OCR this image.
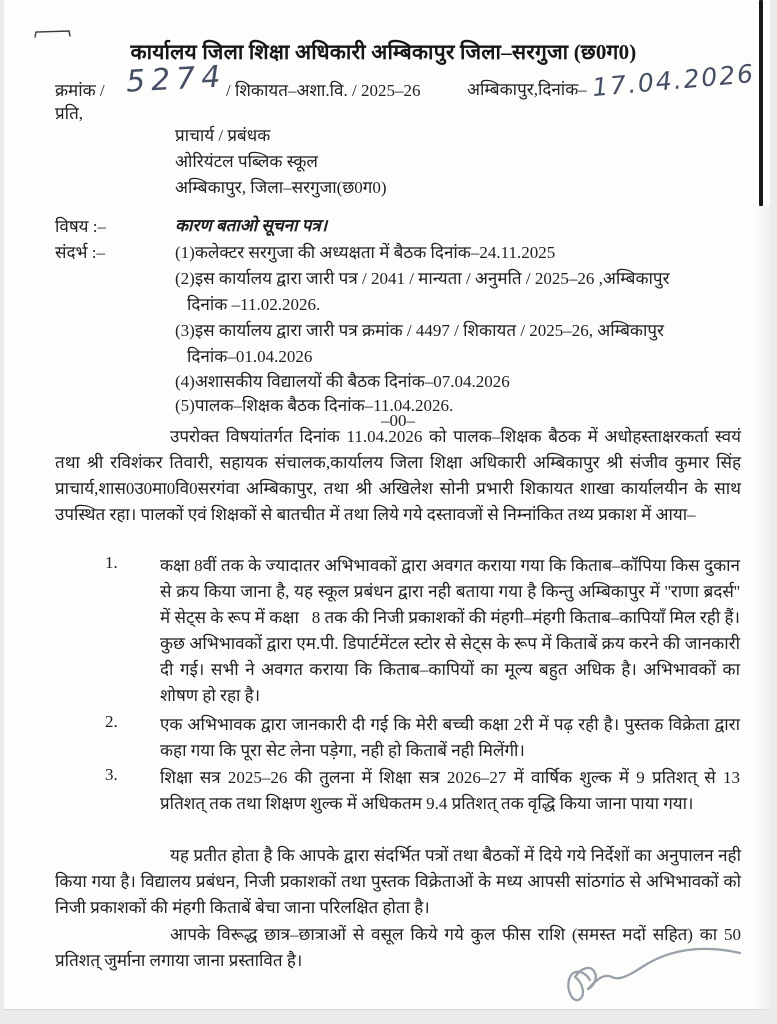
कार्यालय जिला शिक्षा अधिकारी अम्बिकापुर जिला–सरगुजा (छ0ग0)
क्रमांक / 5274
/ शिकायत–अशा.वि. / 2025–26	अम्बिकापुर,दिनांक– 17.04.2026
प्रति,
प्राचार्य / प्रबंधक
ओरियंटल पब्लिक स्कूल
अम्बिकापुर, जिला–सरगुजा(छ0ग0)
विषय :–	कारण बताओ सूचना पत्र।
संदर्भ :–	(1)कलेक्टर सरगुजा की अध्यक्षता में बैठक दिनांक–24.11.2025
(2)इस कार्यालय द्वारा जारी पत्र / 2041 / मान्यता / अनुमति / 2025–26 ,अम्बिकापुर
दिनांक –11.02.2026.
(3)इस कार्यालय द्वारा जारी पत्र क्रमांक / 4497 / शिकायत / 2025–26, अम्बिकापुर
दिनांक–01.04.2026
(4)अशासकीय विद्यालयों की बैठक दिनांक–07.04.2026
(5)पालक–शिक्षक बैठक दिनांक–11.04.2026.
–00–
उपरोक्त विषयांतर्गत दिनांक 11.04.2026 को पालक–शिक्षक बैठक में अधोहस्ताक्षरकर्ता स्वयं तथा श्री रविशंकर तिवारी, सहायक संचालक,कार्यालय जिला शिक्षा अधिकारी अम्बिकापुर श्री संजीव कुमार सिंह प्राचार्य,शास0उ0मा0वि0सरगंवा अम्बिकापुर, तथा श्री अखिलेश सोनी प्रभारी शिकायत शाखा कार्यालयीन के साथ उपस्थित रहा। पालकों एवं शिक्षकों से बातचीत में तथा लिये गये दस्तावजों से निम्नांकित तथ्य प्रकाश में आया–
1. कक्षा 8वीं तक के ज्यादातर अभिभावकों द्वारा अवगत कराया गया कि किताब–कॉपिया किस दुकान से क्रय किया जाना है, यह स्कूल प्रबंधन द्वारा नही बताया गया है किन्तु अम्बिकापुर में ''राणा ब्रदर्स'' में सेट्स के रूप में कक्षा   8 तक की निजी प्रकाशकों की मंहगी–मंहगी किताब–कापियाँ मिल रही हैं। कुछ अभिभावकों द्वारा एम.पी. डिपार्टमेंटल स्टोर से सेट्स के रूप में किताबें क्रय करने की जानकारी दी गई। सभी ने अवगत कराया कि किताब–कापियों का मूल्य बहुत अधिक है। अभिभावकों का शोषण हो रहा है।
2. एक अभिभावक द्वारा जानकारी दी गई कि मेरी बच्ची कक्षा 2री में पढ़ रही है। पुस्तक विक्रेता द्वारा कहा गया कि पूरा सेट लेना पड़ेगा, नही हो किताबें नही मिलेंगी।
3. शिक्षा सत्र 2025–26 की तुलना में शिक्षा सत्र 2026–27 में वार्षिक शुल्क में 9 प्रतिशत् से 13 प्रतिशत् तक तथा शिक्षण शुल्क में अधिकतम 9.4 प्रतिशत् तक वृद्धि किया जाना पाया गया।
यह प्रतीत होता है कि आपके द्वारा संदर्भित पत्रों तथा बैठकों में दिये गये निर्देशों का अनुपालन नही किया गया है। विद्यालय प्रबंधन, निजी प्रकाशकों तथा पुस्तक विक्रेताओं के मध्य आपसी सांठगांठ से अभिभावकों को निजी प्रकाशकों की मंहगी किताबें बेचा जाना परिलक्षित होता है।
आपके विरूद्ध छात्र–छात्राओं से वसूल किये गये कुल फीस राशि (समस्त मदों सहित) का 50 प्रतिशत् जुर्माना लगाया जाना प्रस्तावित है।
